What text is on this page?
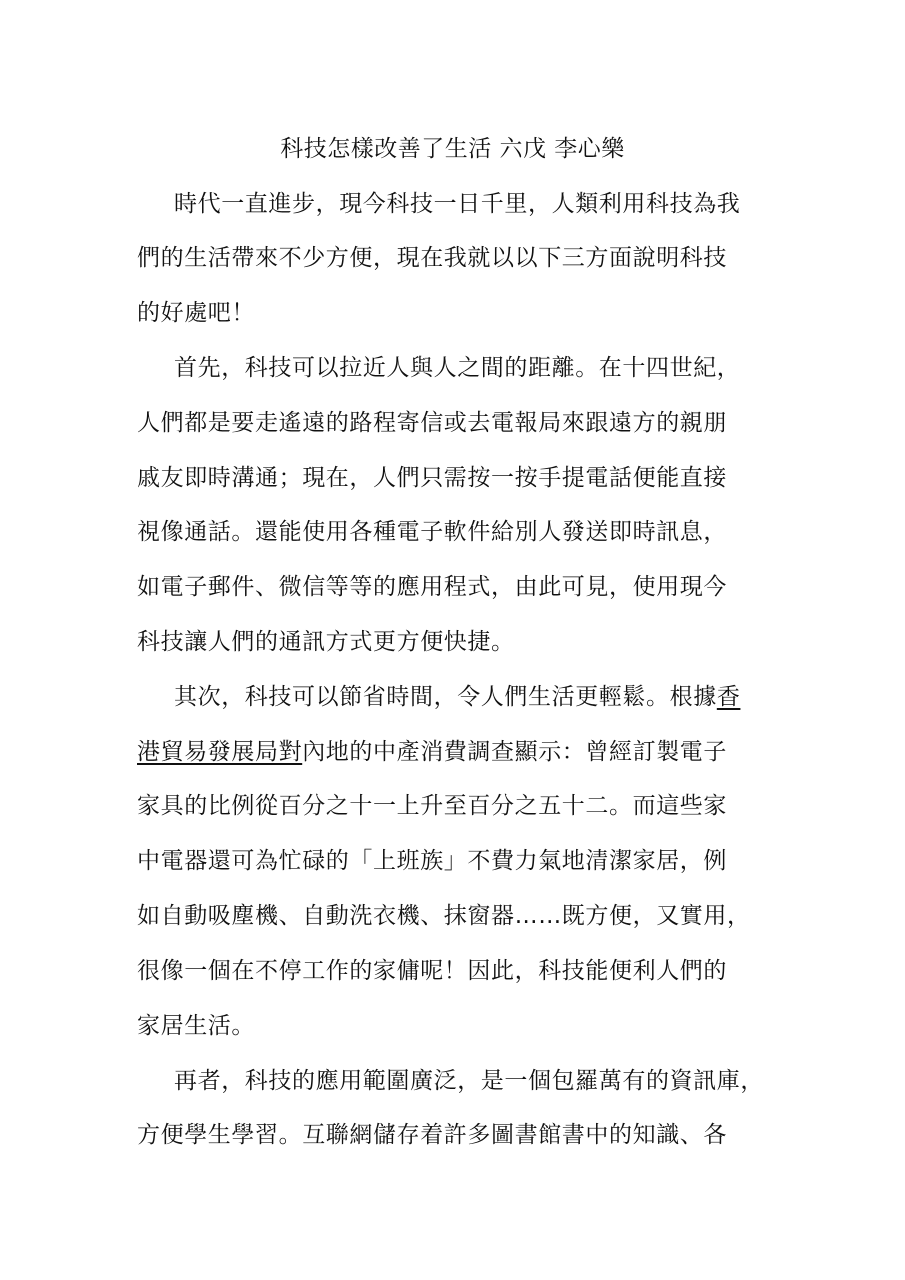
科技怎樣改善了生活 六戊 李心樂
時代一直進步，現今科技一日千里，人類利用科技為我
們的生活帶來不少方便，現在我就以以下三方面說明科技
的好處吧！
首先，科技可以拉近人與人之間的距離。在十四世紀，
人們都是要走遙遠的路程寄信或去電報局來跟遠方的親朋
戚友即時溝通；現在，人們只需按一按手提電話便能直接
視像通話。還能使用各種電子軟件給別人發送即時訊息，
如電子郵件、微信等等的應用程式，由此可見，使用現今
科技讓人們的通訊方式更方便快捷。
其次，科技可以節省時間，令人們生活更輕鬆。根據香
港貿易發展局對內地的中產消費調查顯示：曾經訂製電子
家具的比例從百分之十一上升至百分之五十二。而這些家
中電器還可為忙碌的「上班族」不費力氣地清潔家居，例
如自動吸塵機、自動洗衣機、抹窗器……既方便，又實用，
很像一個在不停工作的家傭呢！因此，科技能便利人們的
家居生活。
再者，科技的應用範圍廣泛，是一個包羅萬有的資訊庫，
方便學生學習。互聯網儲存着許多圖書館書中的知識、各
